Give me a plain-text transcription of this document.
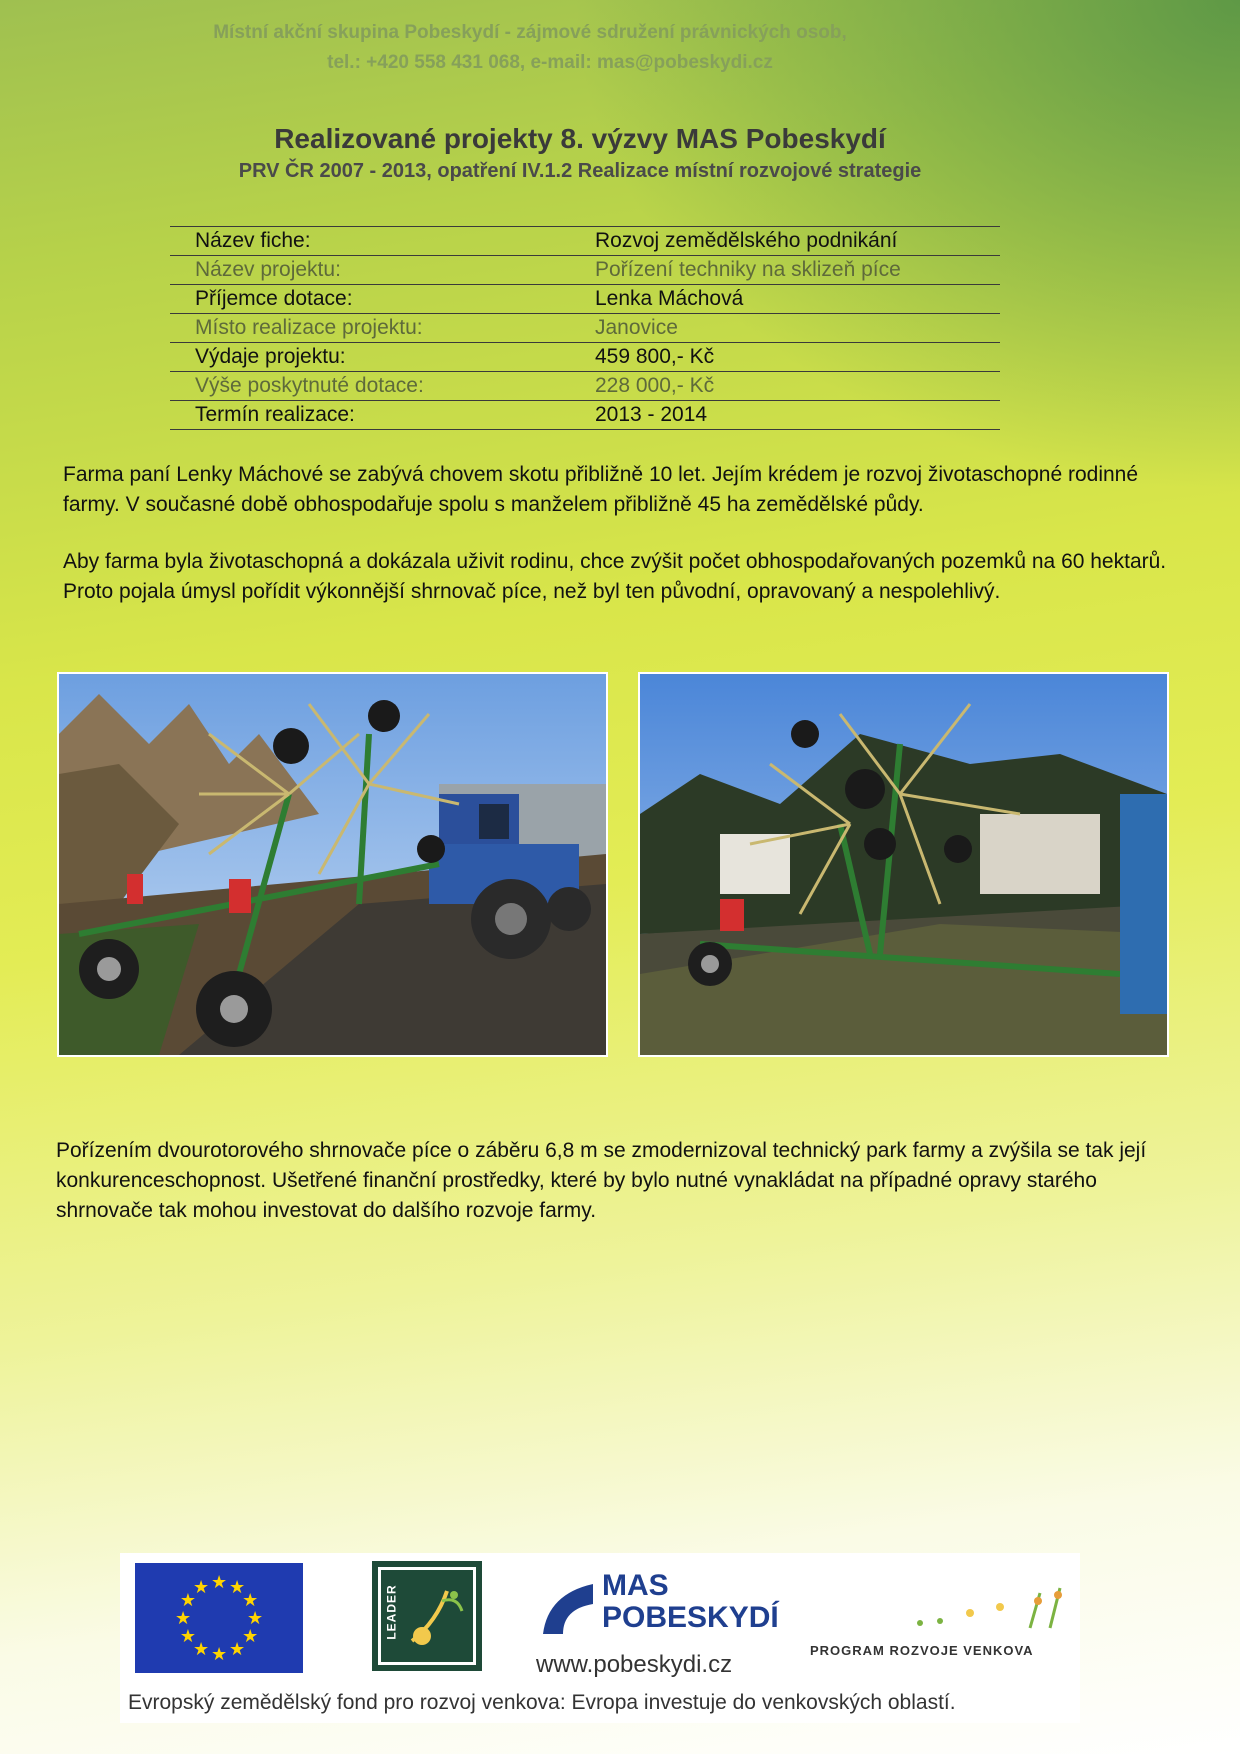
Místní akční skupina Pobeskydí - zájmové sdružení právnických osob,
tel.: +420 558 431 068, e-mail: mas@pobeskydi.cz
Realizované projekty 8. výzvy MAS Pobeskydí
PRV ČR 2007 - 2013, opatření IV.1.2 Realizace místní rozvojové strategie
Název fiche:	Rozvoj zemědělského podnikání
Název projektu:	Pořízení techniky na sklizeň píce
Příjemce dotace:	Lenka Máchová
Místo realizace projektu:	Janovice
Výdaje projektu:	459 800,- Kč
Výše poskytnuté dotace:	228 000,- Kč
Termín realizace:	2013 - 2014
Farma paní Lenky Máchové se zabývá chovem skotu přibližně 10 let. Jejím krédem je rozvoj životaschopné rodinné farmy. V současné době obhospodařuje spolu s manželem přibližně 45 ha zemědělské půdy.
Aby farma byla životaschopná a dokázala uživit rodinu, chce zvýšit počet obhospodařovaných pozemků na 60 hektarů. Proto pojala úmysl pořídit výkonnější shrnovač píce, než byl ten původní, opravovaný a nespolehlivý.
Pořízením dvourotorového shrnovače píce o záběru 6,8 m se zmodernizoval technický park farmy a zvýšila se tak její konkurenceschopnost. Ušetřené finanční prostředky, které by bylo nutné vynakládat na případné opravy starého shrnovače tak mohou investovat do dalšího rozvoje farmy.
★
★
★
★
★
★
★
★
★ ★ ★
★	LEADER	MAS
POBESKYDÍ
www.pobeskydi.cz
PROGRAM ROZVOJE VENKOVA
Evropský zemědělský fond pro rozvoj venkova: Evropa investuje do venkovských oblastí.
